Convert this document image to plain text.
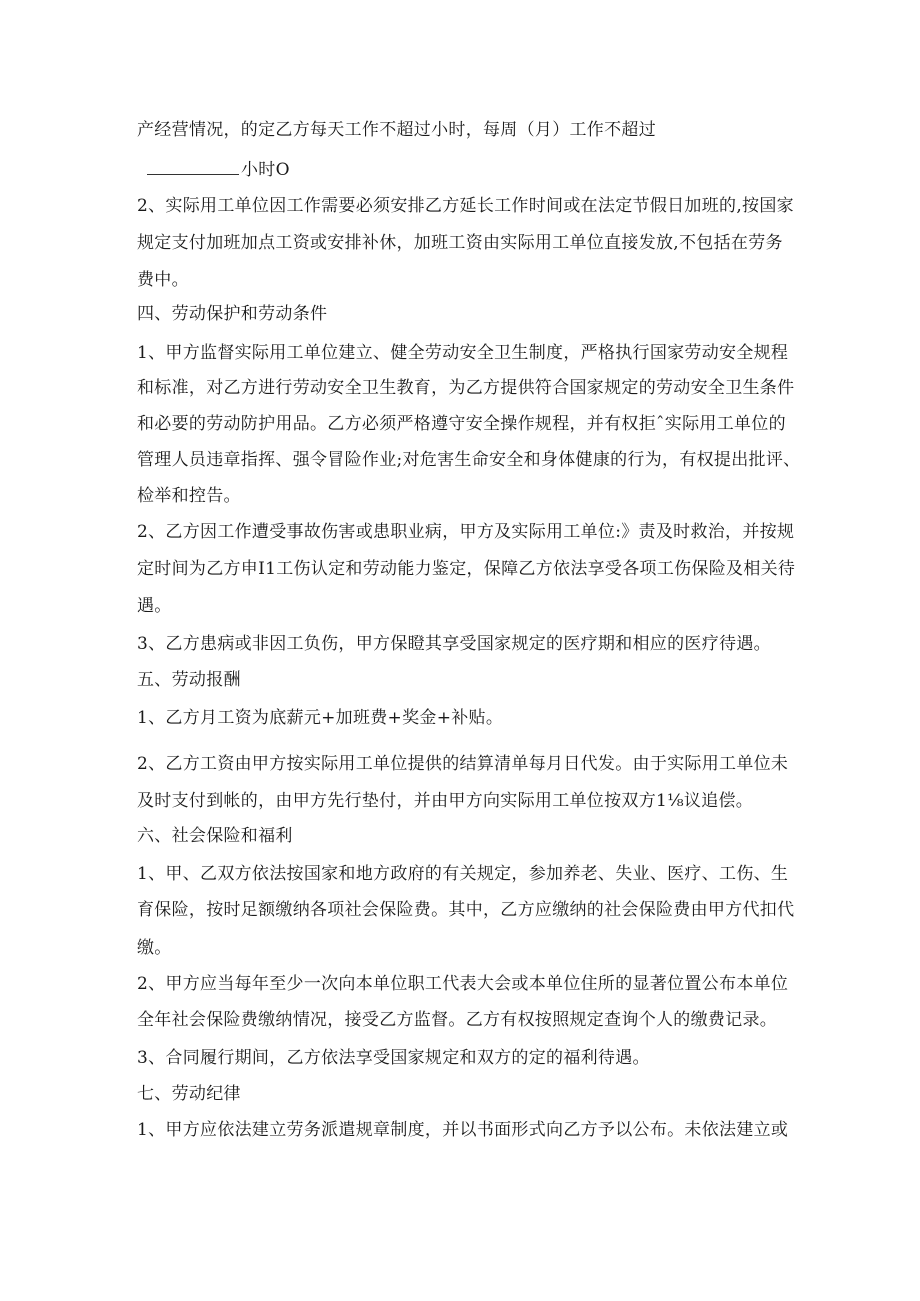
产经营情况，的定乙方每天工作不超过小时，每周（月）工作不超过
小时O
2、实际用工单位因工作需要必须安排乙方延长工作时间或在法定节假日加班的,按国家
规定支付加班加点工资或安排补休，加班工资由实际用工单位直接发放,不包括在劳务
费中。
四、劳动保护和劳动条件
1、甲方监督实际用工单位建立、健全劳动安全卫生制度，严格执行国家劳动安全规程
和标准，对乙方进行劳动安全卫生教育，为乙方提供符合国家规定的劳动安全卫生条件
和必要的劳动防护用品。乙方必须严格遵守安全操作规程，并有权拒ˆ实际用工单位的
管理人员违章指挥、强令冒险作业;对危害生命安全和身体健康的行为，有权提出批评、
检举和控告。
2、乙方因工作遭受事故伤害或患职业病，甲方及实际用工单位:》责及时救治，并按规
定时间为乙方申I1工伤认定和劳动能力鉴定，保障乙方依法享受各项工伤保险及相关待
遇。
3、乙方患病或非因工负伤，甲方保瞪其享受国家规定的医疗期和相应的医疗待遇。
五、劳动报酬
1、乙方月工资为底薪元+加班费+奖金+补贴。
2、乙方工资由甲方按实际用工单位提供的结算清单每月日代发。由于实际用工单位未
及时支付到帐的，由甲方先行垫付，并由甲方向实际用工单位按双方1⅛议追偿。
六、社会保险和福利
1、甲、乙双方依法按国家和地方政府的有关规定，参加养老、失业、医疗、工伤、生
育保险，按时足额缴纳各项社会保险费。其中，乙方应缴纳的社会保险费由甲方代扣代
缴。
2、甲方应当每年至少一次向本单位职工代表大会或本单位住所的显著位置公布本单位
全年社会保险费缴纳情况，接受乙方监督。乙方有权按照规定查询个人的缴费记录。
3、合同履行期间，乙方依法享受国家规定和双方的定的福利待遇。
七、劳动纪律
1、甲方应依法建立劳务派遣规章制度，并以书面形式向乙方予以公布。未依法建立或
